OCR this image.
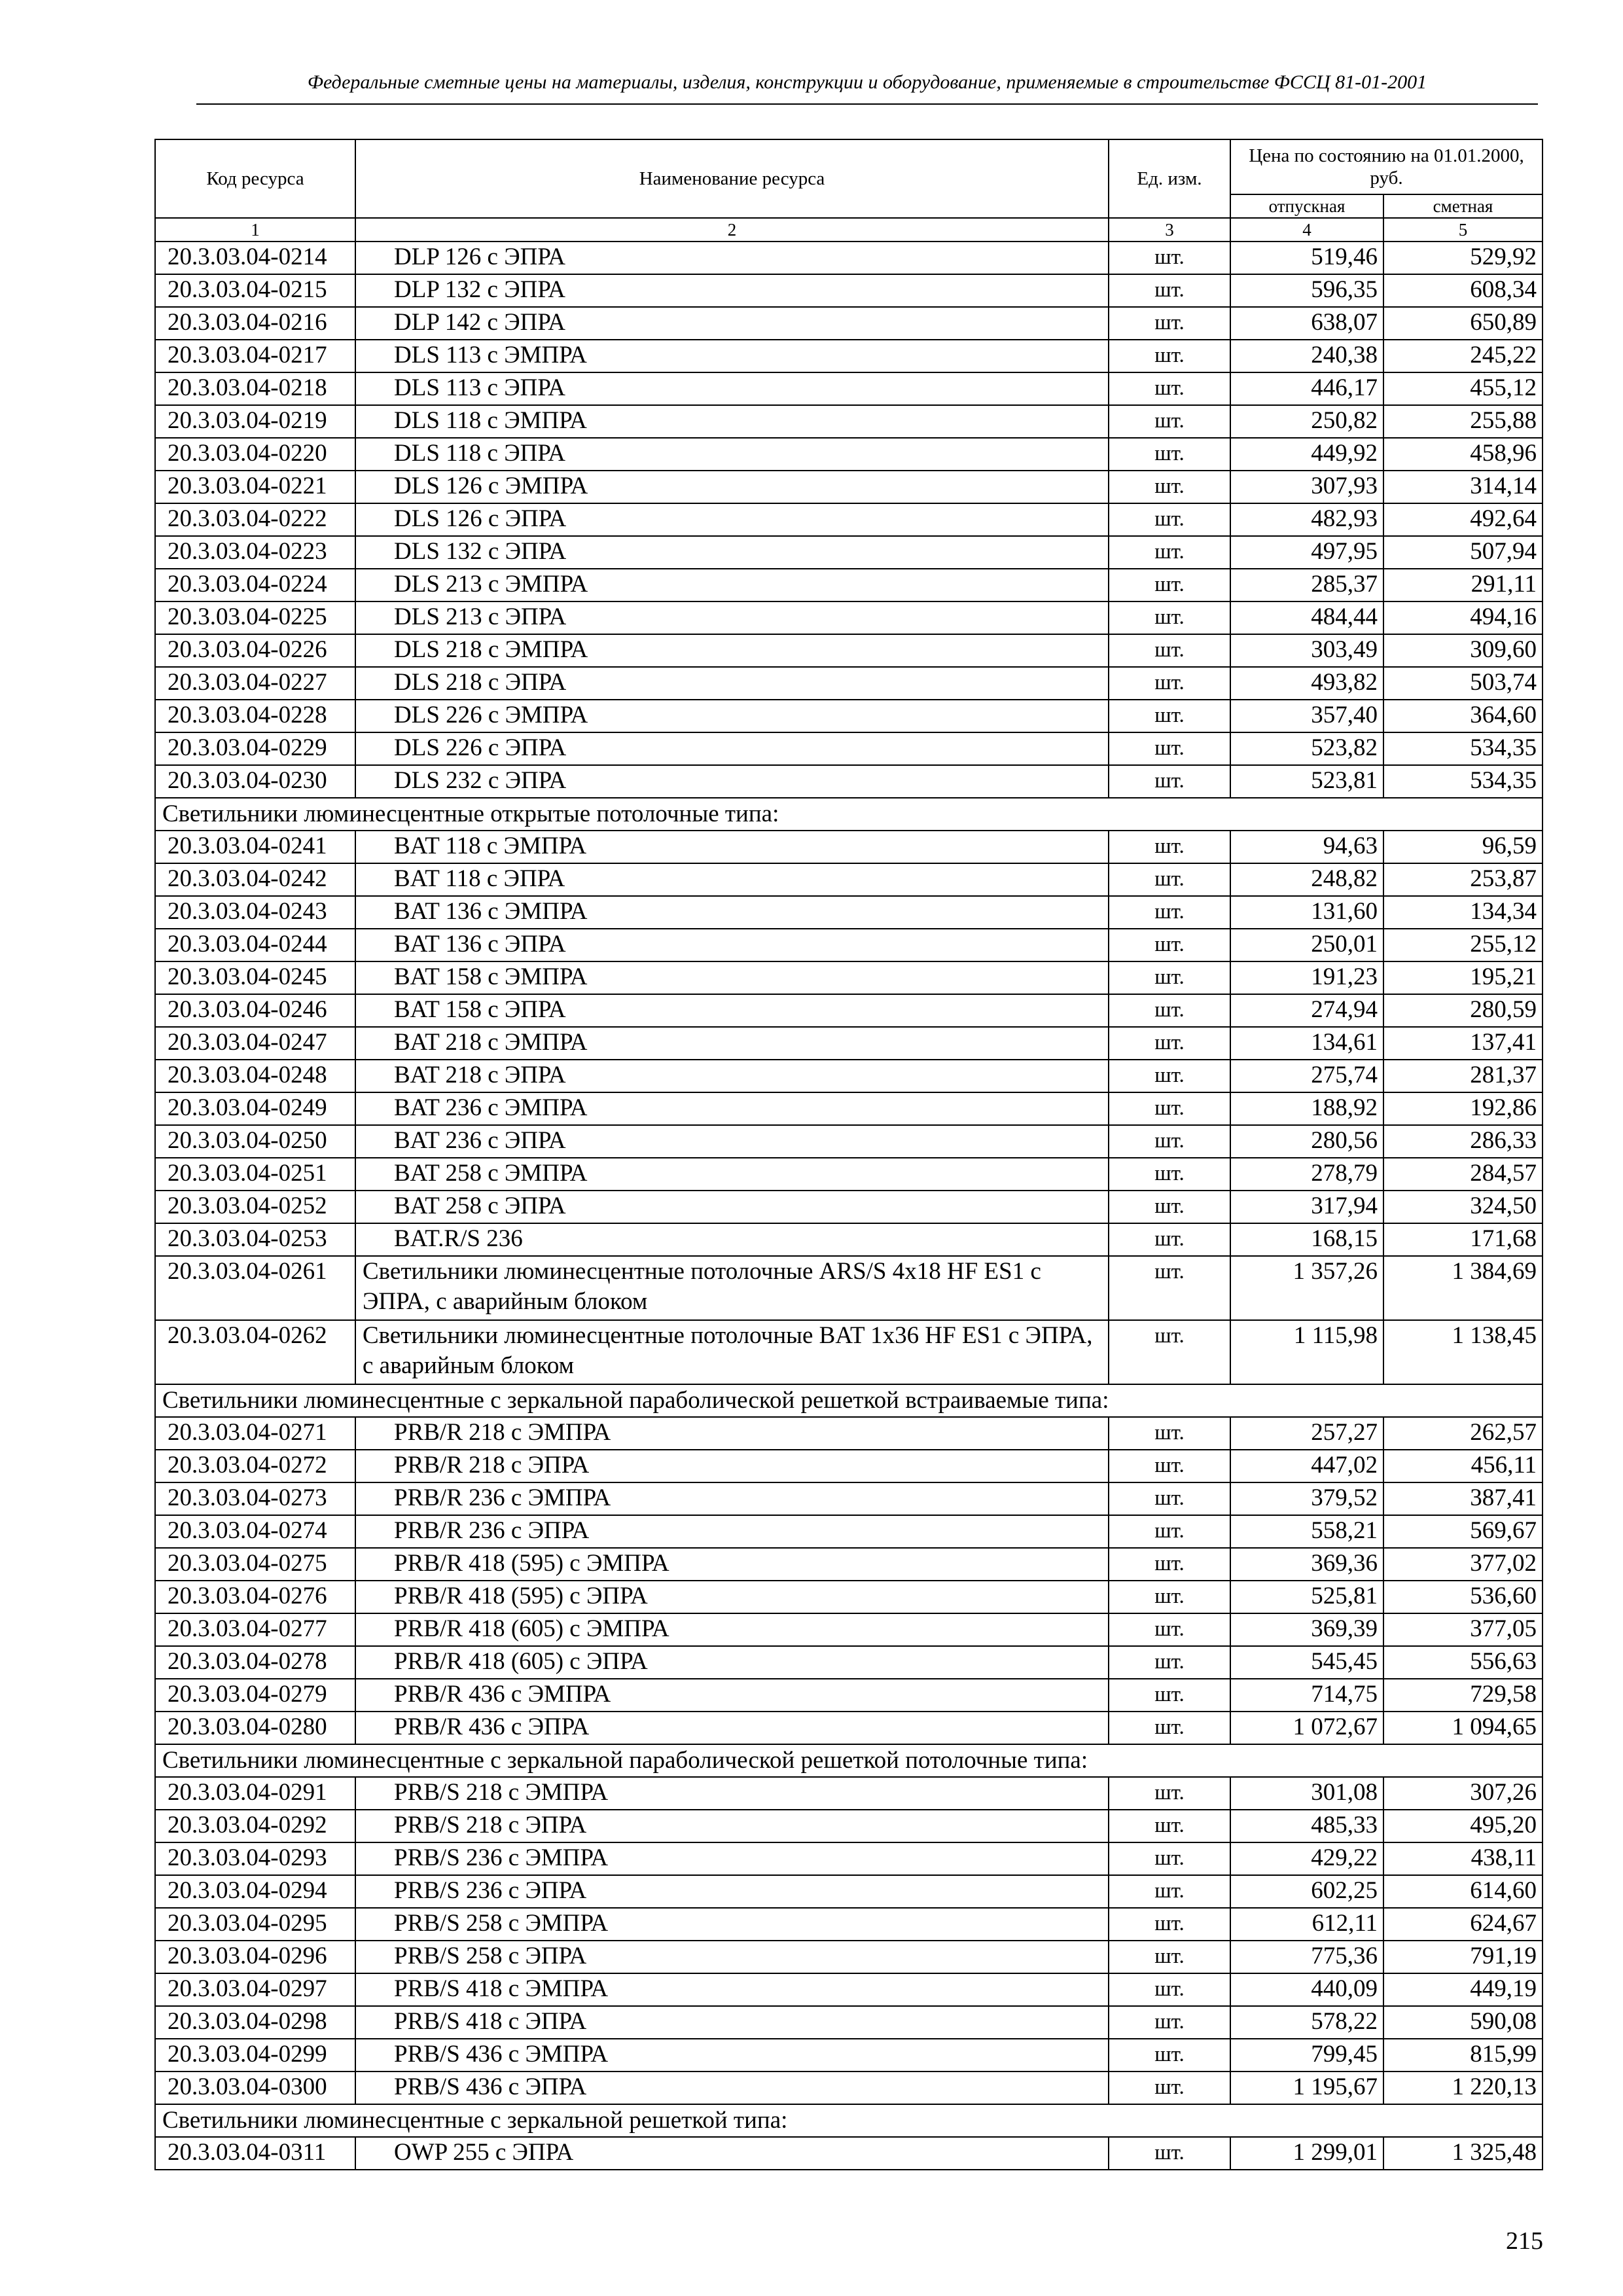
Федеральные сметные цены на материалы, изделия, конструкции и оборудование, применяемые в строительстве ФССЦ 81-01-2001
Код ресурса	Наименование ресурса	Ед. изм.	Цена по состоянию на 01.01.2000, руб.	
			отпускная	сметная
1	2	3	4	5
20.3.03.04-0214	DLP 126 с ЭПРА	шт.	519,46	529,92
20.3.03.04-0215	DLP 132 с ЭПРА	шт.	596,35	608,34
20.3.03.04-0216	DLP 142 с ЭПРА	шт.	638,07	650,89
20.3.03.04-0217	DLS 113 с ЭМПРА	шт.	240,38	245,22
20.3.03.04-0218	DLS 113 с ЭПРА	шт.	446,17	455,12
20.3.03.04-0219	DLS 118 с ЭМПРА	шт.	250,82	255,88
20.3.03.04-0220	DLS 118 с ЭПРА	шт.	449,92	458,96
20.3.03.04-0221	DLS 126 с ЭМПРА	шт.	307,93	314,14
20.3.03.04-0222	DLS 126 с ЭПРА	шт.	482,93	492,64
20.3.03.04-0223	DLS 132 с ЭПРА	шт.	497,95	507,94
20.3.03.04-0224	DLS 213 с ЭМПРА	шт.	285,37	291,11
20.3.03.04-0225	DLS 213 с ЭПРА	шт.	484,44	494,16
20.3.03.04-0226	DLS 218 с ЭМПРА	шт.	303,49	309,60
20.3.03.04-0227	DLS 218 с ЭПРА	шт.	493,82	503,74
20.3.03.04-0228	DLS 226 с ЭМПРА	шт.	357,40	364,60
20.3.03.04-0229	DLS 226 с ЭПРА	шт.	523,82	534,35
20.3.03.04-0230	DLS 232 с ЭПРА	шт.	523,81	534,35
Светильники люминесцентные открытые потолочные типа:				
20.3.03.04-0241	BAT 118 с ЭМПРА	шт.	94,63	96,59
20.3.03.04-0242	BAT 118 с ЭПРА	шт.	248,82	253,87
20.3.03.04-0243	BAT 136 с ЭМПРА	шт.	131,60	134,34
20.3.03.04-0244	BAT 136 с ЭПРА	шт.	250,01	255,12
20.3.03.04-0245	BAT 158 с ЭМПРА	шт.	191,23	195,21
20.3.03.04-0246	BAT 158 с ЭПРА	шт.	274,94	280,59
20.3.03.04-0247	BAT 218 с ЭМПРА	шт.	134,61	137,41
20.3.03.04-0248	BAT 218 с ЭПРА	шт.	275,74	281,37
20.3.03.04-0249	BAT 236 с ЭМПРА	шт.	188,92	192,86
20.3.03.04-0250	BAT 236 с ЭПРА	шт.	280,56	286,33
20.3.03.04-0251	BAT 258 с ЭМПРА	шт.	278,79	284,57
20.3.03.04-0252	BAT 258 с ЭПРА	шт.	317,94	324,50
20.3.03.04-0253	BAT.R/S 236	шт.	168,15	171,68
20.3.03.04-0261	Светильники люминесцентные потолочные ARS/S 4x18 HF ES1 с ЭПРА, с аварийным блоком	шт.	1 357,26	1 384,69
20.3.03.04-0262	Светильники люминесцентные потолочные BAT 1x36 HF ES1 с ЭПРА, с аварийным блоком	шт.	1 115,98	1 138,45
Светильники люминесцентные с зеркальной параболической решеткой встраиваемые типа:				
20.3.03.04-0271	PRB/R 218 с ЭМПРА	шт.	257,27	262,57
20.3.03.04-0272	PRB/R 218 с ЭПРА	шт.	447,02	456,11
20.3.03.04-0273	PRB/R 236 с ЭМПРА	шт.	379,52	387,41
20.3.03.04-0274	PRB/R 236 с ЭПРА	шт.	558,21	569,67
20.3.03.04-0275	PRB/R 418 (595) с ЭМПРА	шт.	369,36	377,02
20.3.03.04-0276	PRB/R 418 (595) с ЭПРА	шт.	525,81	536,60
20.3.03.04-0277	PRB/R 418 (605) с ЭМПРА	шт.	369,39	377,05
20.3.03.04-0278	PRB/R 418 (605) с ЭПРА	шт.	545,45	556,63
20.3.03.04-0279	PRB/R 436 с ЭМПРА	шт.	714,75	729,58
20.3.03.04-0280	PRB/R 436 с ЭПРА	шт.	1 072,67	1 094,65
Светильники люминесцентные с зеркальной параболической решеткой потолочные типа:				
20.3.03.04-0291	PRB/S 218 с ЭМПРА	шт.	301,08	307,26
20.3.03.04-0292	PRB/S 218 с ЭПРА	шт.	485,33	495,20
20.3.03.04-0293	PRB/S 236 с ЭМПРА	шт.	429,22	438,11
20.3.03.04-0294	PRB/S 236 с ЭПРА	шт.	602,25	614,60
20.3.03.04-0295	PRB/S 258 с ЭМПРА	шт.	612,11	624,67
20.3.03.04-0296	PRB/S 258 с ЭПРА	шт.	775,36	791,19
20.3.03.04-0297	PRB/S 418 с ЭМПРА	шт.	440,09	449,19
20.3.03.04-0298	PRB/S 418 с ЭПРА	шт.	578,22	590,08
20.3.03.04-0299	PRB/S 436 с ЭМПРА	шт.	799,45	815,99
20.3.03.04-0300	PRB/S 436 с ЭПРА	шт.	1 195,67	1 220,13
Светильники люминесцентные с зеркальной решеткой типа:				
20.3.03.04-0311	OWP 255 с ЭПРА	шт.	1 299,01	1 325,48
215
